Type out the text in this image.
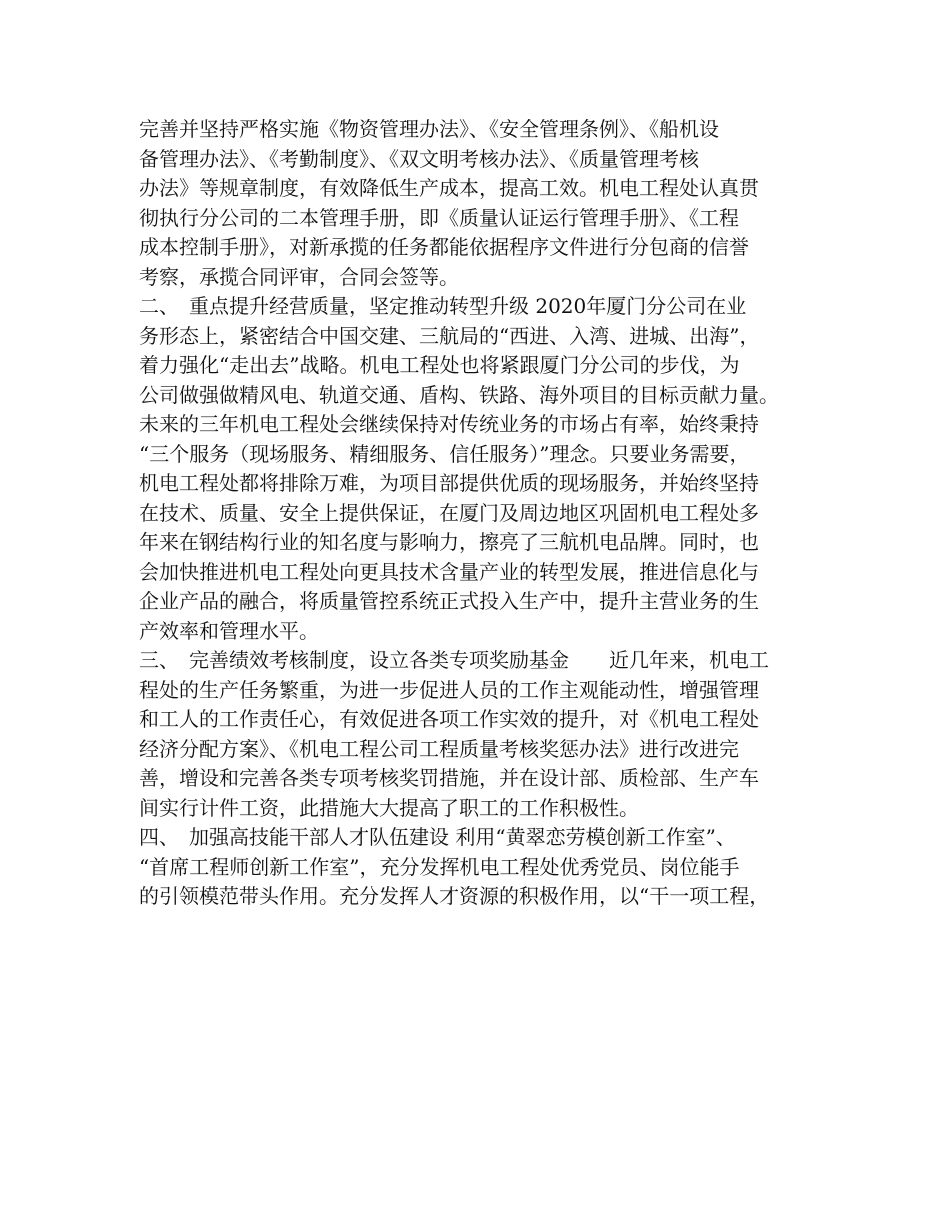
完善并坚持严格实施《物资管理办法》、《安全管理条例》、《船机设
备管理办法》、《考勤制度》、《双文明考核办法》、《质量管理考核
办法》等规章制度，有效降低生产成本，提高工效。机电工程处认真贯
彻执行分公司的二本管理手册，即《质量认证运行管理手册》、《工程
成本控制手册》，对新承揽的任务都能依据程序文件进行分包商的信誉
考察，承揽合同评审，合同会签等。
二、　重点提升经营质量，坚定推动转型升级 2020年厦门分公司在业
务形态上，紧密结合中国交建、三航局的“西进、入湾、进城、出海”，
着力强化“走出去”战略。机电工程处也将紧跟厦门分公司的步伐，为
公司做强做精风电、轨道交通、盾构、铁路、海外项目的目标贡献力量。
未来的三年机电工程处会继续保持对传统业务的市场占有率，始终秉持
“三个服务（现场服务、精细服务、信任服务）”理念。只要业务需要，
机电工程处都将排除万难，为项目部提供优质的现场服务，并始终坚持
在技术、质量、安全上提供保证，在厦门及周边地区巩固机电工程处多
年来在钢结构行业的知名度与影响力，擦亮了三航机电品牌。同时，也
会加快推进机电工程处向更具技术含量产业的转型发展，推进信息化与
企业产品的融合，将质量管控系统正式投入生产中，提升主营业务的生
产效率和管理水平。
三、　完善绩效考核制度，设立各类专项奖励基金　　近几年来，机电工
程处的生产任务繁重，为进一步促进人员的工作主观能动性，增强管理
和工人的工作责任心，有效促进各项工作实效的提升，对《机电工程处
经济分配方案》、《机电工程公司工程质量考核奖惩办法》进行改进完
善，增设和完善各类专项考核奖罚措施，并在设计部、质检部、生产车
间实行计件工资，此措施大大提高了职工的工作积极性。
四、　加强高技能干部人才队伍建设 利用“黄翠恋劳模创新工作室”、
“首席工程师创新工作室”，充分发挥机电工程处优秀党员、岗位能手
的引领模范带头作用。充分发挥人才资源的积极作用，以“干一项工程，
